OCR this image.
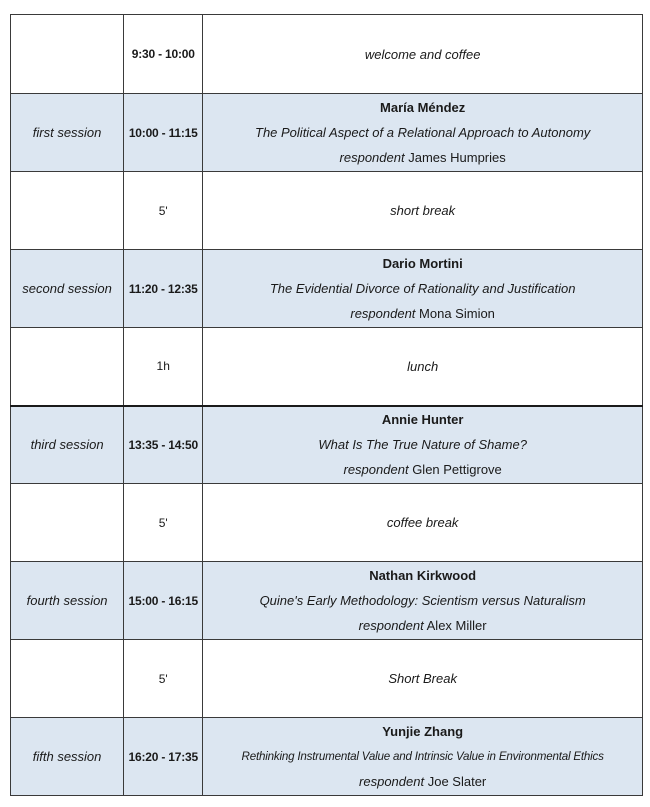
	9:30 - 10:00	welcome and coffee
first session	10:00 - 11:15	María Méndez
The Political Aspect of a Relational Approach to Autonomy
respondent James Humpries

	5'	short break
second session	11:20 - 12:35	Dario Mortini
The Evidential Divorce of Rationality and Justification
respondent Mona Simion

	1h	lunch
third session	13:35 - 14:50	Annie Hunter
What Is The True Nature of Shame?
respondent Glen Pettigrove

	5'	coffee break
fourth session	15:00 - 16:15	Nathan Kirkwood
Quine's Early Methodology: Scientism versus Naturalism
respondent Alex Miller

	5'	Short Break
fifth session	16:20 - 17:35	Yunjie Zhang
Rethinking Instrumental Value and Intrinsic Value in Environmental Ethics
respondent Joe Slater
